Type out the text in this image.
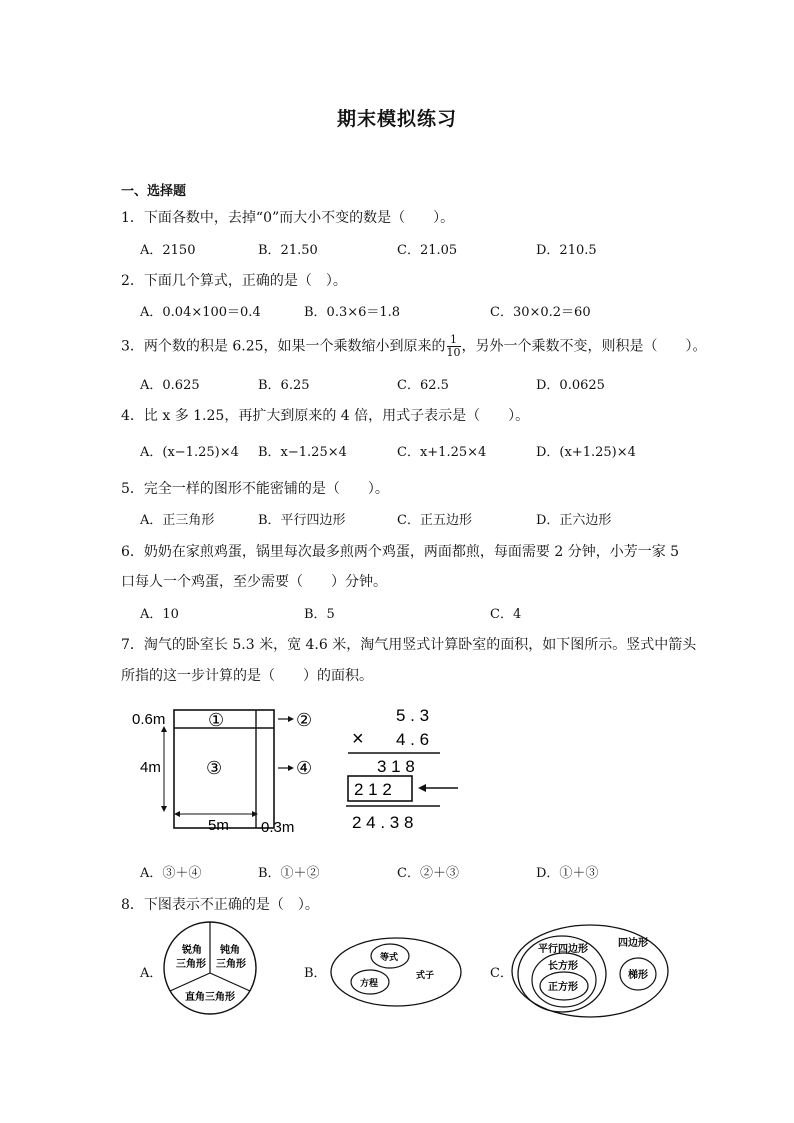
期末模拟练习
一、选择题
1．下面各数中，去掉“0”而大小不变的数是（　　）。
A．2150	B．21.50	C．21.05	D．210.5
2．下面几个算式，正确的是（　）。
A．0.04×100＝0.4	B．0.3×6＝1.8	C．30×0.2＝60
3．两个数的积是 6.25，如果一个乘数缩小到原来的 $\frac{1}{10}$ ，另外一个乘数不变，则积是（　　）。
A．0.625	B．6.25	C．62.5	D．0.0625
4．比 x 多 1.25，再扩大到原来的 4 倍，用式子表示是（　　）。
A．(x−1.25)×4 B．x−1.25×4	C．x+1.25×4	D．(x+1.25)×4
5．完全一样的图形不能密铺的是（　　）。
A．正三角形	B．平行四边形	C．正五边形	D．正六边形
6．奶奶在家煎鸡蛋，锅里每次最多煎两个鸡蛋，两面都煎，每面需要 2 分钟，小芳一家 5
口每人一个鸡蛋，至少需要（　　）分钟。
A．10	B．5	C．4
7．淘气的卧室长 5.3 米，宽 4.6 米，淘气用竖式计算卧室的面积，如下图所示。竖式中箭头
所指的这一步计算的是（　　）的面积。
0.6m
4m
5m 0.3m
①	②
③	④
5 . 3
× 4 . 6
3 1 8
2 1 2
2 4 . 3 8
A．③＋④	B．①＋②	C．②＋③	D．①＋③
8．下图表示不正确的是（　）。
A．
锐角
三角形
钝角
三角形
直角三角形
B．
等式
方程
式子	C．
平行四边形
长方形
正方形
四边形
梯形
